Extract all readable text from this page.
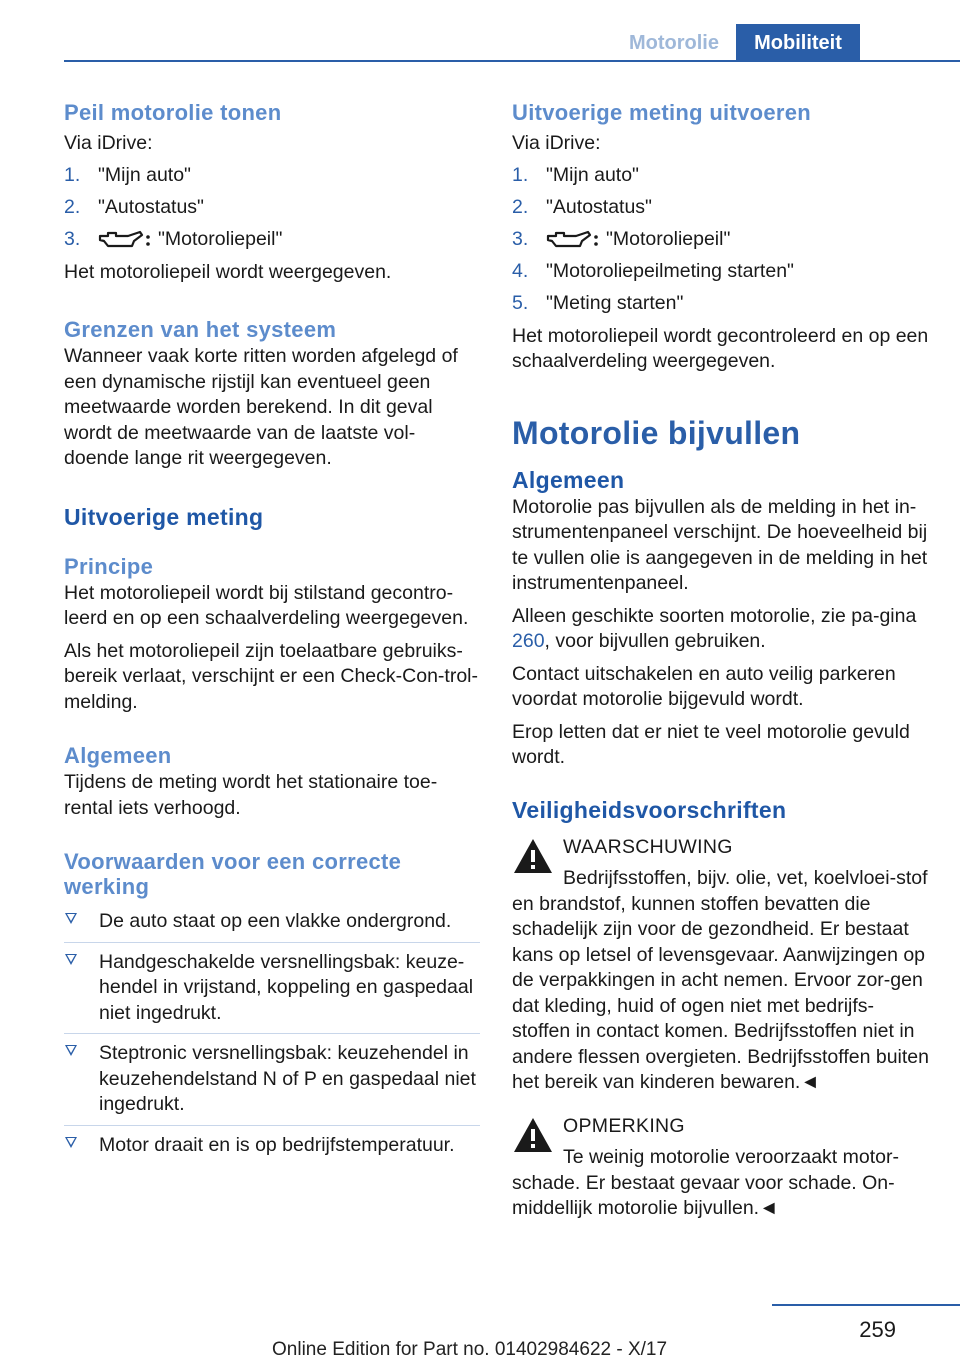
Motorolie	Mobiliteit
Peil motorolie tonen

Via iDrive:

1. "Mijn auto"
2. "Autostatus"
3.	"Motoroliepeil"

Het motoroliepeil wordt weergegeven.

Grenzen van het systeem

Wanneer vaak korte ritten worden afgelegd of een dynamische rijstijl kan eventueel geen meetwaarde worden berekend. In dit geval wordt de meetwaarde van de laatste vol-doende lange rit weergegeven.

Uitvoerige meting
Principe

Het motoroliepeil wordt bij stilstand gecontro-leerd en op een schaalverdeling weergegeven.

Als het motoroliepeil zijn toelaatbare gebruiks-bereik verlaat, verschijnt er een Check-Con-trol-melding.

Algemeen

Tijdens de meting wordt het stationaire toe-rental iets verhoogd.

Voorwaarden voor een correcte werking
De auto staat op een vlakke ondergrond.
Handgeschakelde versnellingsbak: keuze-hendel in vrijstand, koppeling en gaspedaal niet ingedrukt.
Steptronic versnellingsbak: keuzehendel in keuzehendelstand N of P en gaspedaal niet ingedrukt.
Motor draait en is op bedrijfstemperatuur.
Uitvoerige meting uitvoeren

Via iDrive:

1. "Mijn auto"
2. "Autostatus"
3.	"Motoroliepeil"
4. "Motoroliepeilmeting starten"
5. "Meting starten"

Het motoroliepeil wordt gecontroleerd en op een schaalverdeling weergegeven.

Motorolie bijvullen
Algemeen

Motorolie pas bijvullen als de melding in het in-strumentenpaneel verschijnt. De hoeveelheid bij te vullen olie is aangegeven in de melding in het instrumentenpaneel.

Alleen geschikte soorten motorolie, zie pa-gina 260, voor bijvullen gebruiken.

Contact uitschakelen en auto veilig parkeren voordat motorolie bijgevuld wordt.

Erop letten dat er niet te veel motorolie gevuld wordt.

Veiligheidsvoorschriften
WAARSCHUWING
Bedrijfsstoffen, bijv. olie, vet, koelvloei-stof en brandstof, kunnen stoffen bevatten die schadelijk zijn voor de gezondheid. Er bestaat kans op letsel of levensgevaar. Aanwijzingen op de verpakkingen in acht nemen. Ervoor zor-gen dat kleding, huid of ogen niet met bedrijfs-stoffen in contact komen. Bedrijfsstoffen niet in andere flessen overgieten. Bedrijfsstoffen buiten het bereik van kinderen bewaren.◄
OPMERKING
Te weinig motorolie veroorzaakt motor-schade. Er bestaat gevaar voor schade. On-middellijk motorolie bijvullen.◄
259
Online Edition for Part no. 01402984622 - X/17
